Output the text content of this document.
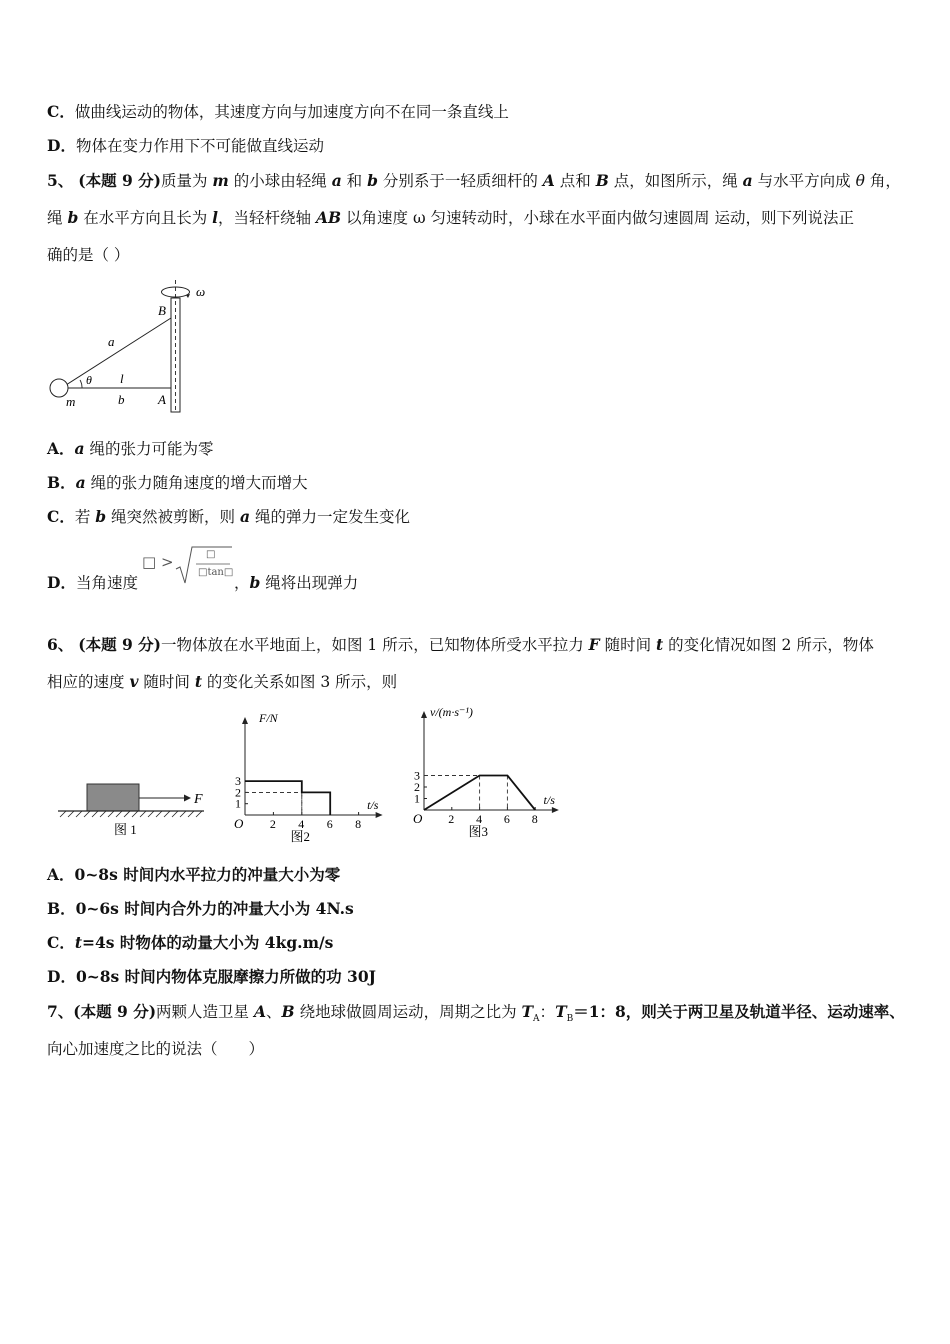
C．做曲线运动的物体，其速度方向与加速度方向不在同一条直线上
D．物体在变力作用下不可能做直线运动
5、 (本题 9 分)质量为 m 的小球由轻绳 a 和 b 分别系于一轻质细杆的 A 点和 B 点，如图所示，绳 a 与水平方向成 θ 角，
绳 b 在水平方向且长为 l，当轻杆绕轴 AB 以角速度 ω 匀速转动时，小球在水平面内做匀速圆周 运动，则下列说法正
确的是（ ）
ω
B
a
θ l
m	b	A
A．a 绳的张力可能为零
B．a 绳的张力随角速度的增大而增大
C．若 b 绳突然被剪断，则 a 绳的弹力一定发生变化
D．当角速度	，b 绳将出现弹力
□ >	□
□tan□
6、 (本题 9 分)一物体放在水平地面上，如图 1 所示，已知物体所受水平拉力 F 随时间 t 的变化情况如图 2 所示，物体
相应的速度 v 随时间 t 的变化关系如图 3 所示，则
F
图 1
F/N
t/s
O 2 4 6 8
1
2
3
图2
v/(m·s⁻¹)
t/s
O 2 4 6 8
1
2
3
图3
A．0~8s 时间内水平拉力的冲量大小为零
B．0~6s 时间内合外力的冲量大小为 4N.s
C．t=4s 时物体的动量大小为 4kg.m/s
D．0~8s 时间内物体克服摩擦力所做的功 30J
7、(本题 9 分)两颗人造卫星 A、B 绕地球做圆周运动，周期之比为 $T_A$：$T_B=1$：8，则关于两卫星及轨道半径、运动速率、
向心加速度之比的说法（　　）
